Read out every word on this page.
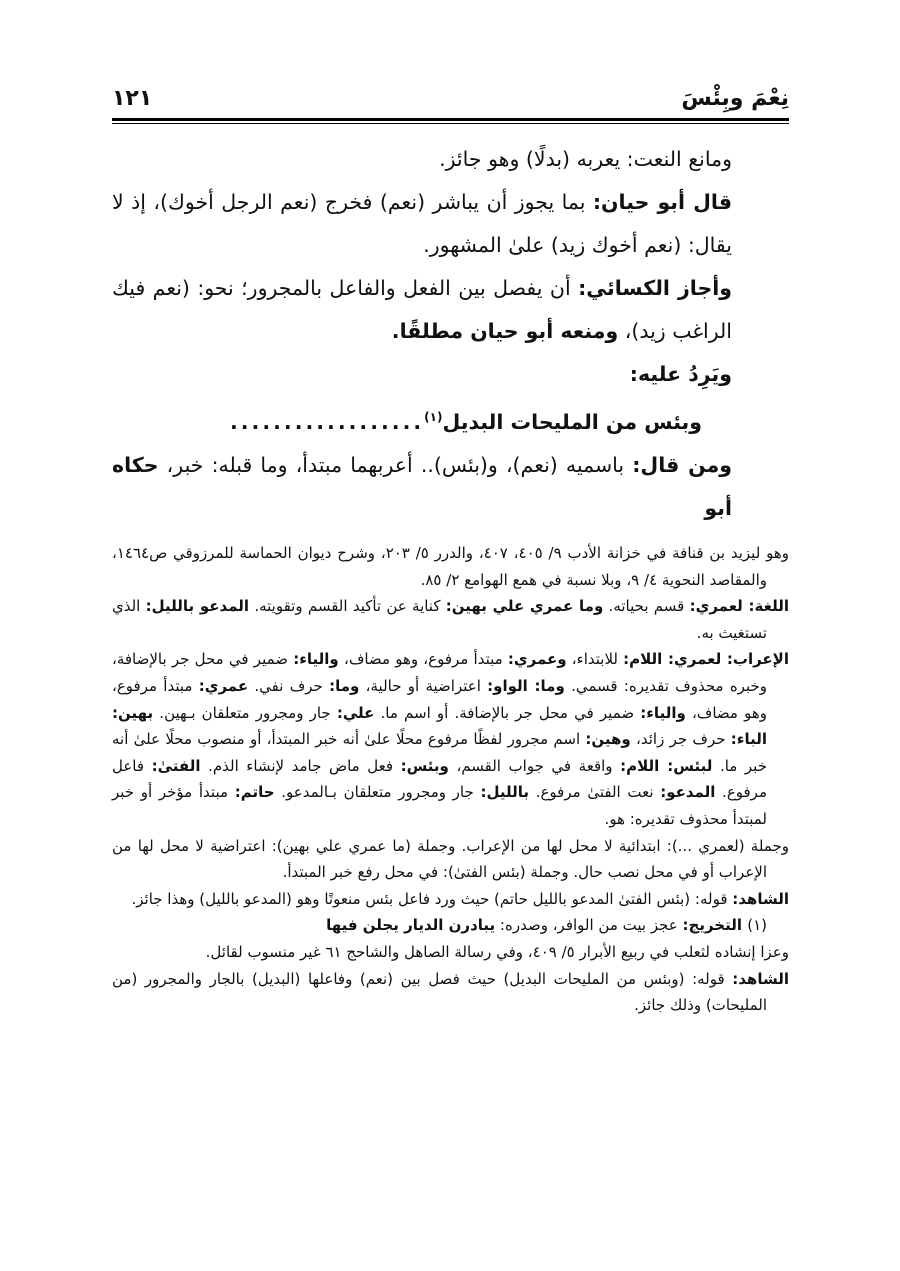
نِعْمَ وبِئْسَ
١٢١

ومانع النعت: يعربه (بدلًا) وهو جائز.

قال أبو حيان: بما يجوز أن يباشر (نعم) فخرج (نعم الرجل أخوك)، إذ لا يقال: (نعم أخوك زيد) علىٰ المشهور.

وأجاز الكسائي: أن يفصل بين الفعل والفاعل بالمجرور؛ نحو: (نعم فيك الراغب زيد)، ومنعه أبو حيان مطلقًا.

ويَرِدُ عليه:

وبئس من المليحات البديل$^{(١)}$..................

ومن قال: باسميه (نعم)، و(بئس).. أعربهما مبتدأ، وما قبله: خبر، حكاه أبو

وهو ليزيد بن قنافة في خزانة الأدب ٩/ ٤٠٥، ٤٠٧، والدرر ٥/ ٢٠٣، وشرح ديوان الحماسة للمرزوقي ص١٤٦٤، والمقاصد النحوية ٤/ ٩، وبلا نسبة في همع الهوامع ٢/ ٨٥.

اللغة: لعمري: قسم بحياته. وما عمري علي بهين: كناية عن تأكيد القسم وتقويته. المدعو بالليل: الذي تستغيث به.

الإعراب: لعمري: اللام: للابتداء، وعمري: مبتدأ مرفوع، وهو مضاف، والياء: ضمير في محل جر بالإضافة، وخبره محذوف تقديره: قسمي. وما: الواو: اعتراضية أو حالية، وما: حرف نفي. عمري: مبتدأ مرفوع، وهو مضاف، والياء: ضمير في محل جر بالإضافة. أو اسم ما. علي: جار ومجرور متعلقان بـهين. بهين: الباء: حرف جر زائد، وهين: اسم مجرور لفظًا مرفوع محلًا علىٰ أنه خبر المبتدأ، أو منصوب محلًا علىٰ أنه خبر ما. لبئس: اللام: واقعة في جواب القسم، وبئس: فعل ماض جامد لإنشاء الذم. الفتىٰ: فاعل مرفوع. المدعو: نعت الفتىٰ مرفوع. بالليل: جار ومجرور متعلقان بـالمدعو. حاتم: مبتدأ مؤخر أو خبر لمبتدأ محذوف تقديره: هو.

وجملة (لعمري ...): ابتدائية لا محل لها من الإعراب. وجملة (ما عمري علي بهين): اعتراضية لا محل لها من الإعراب أو في محل نصب حال. وجملة (بئس الفتىٰ): في محل رفع خبر المبتدأ.

الشاهد: قوله: (بئس الفتىٰ المدعو بالليل حاتم) حيث ورد فاعل بئس منعوتًا وهو (المدعو بالليل) وهذا جائز.

(١) التخريج: عجز بيت من الوافر، وصدره: يبادرن الديار يجلن فيها

وعزا إنشاده لثعلب في ربيع الأبرار ٥/ ٤٠٩، وفي رسالة الصاهل والشاحج ٦١ غير منسوب لقائل.

الشاهد: قوله: (وبئس من المليحات البديل) حيث فصل بين (نعم) وفاعلها (البديل) بالجار والمجرور (من المليحات) وذلك جائز.
